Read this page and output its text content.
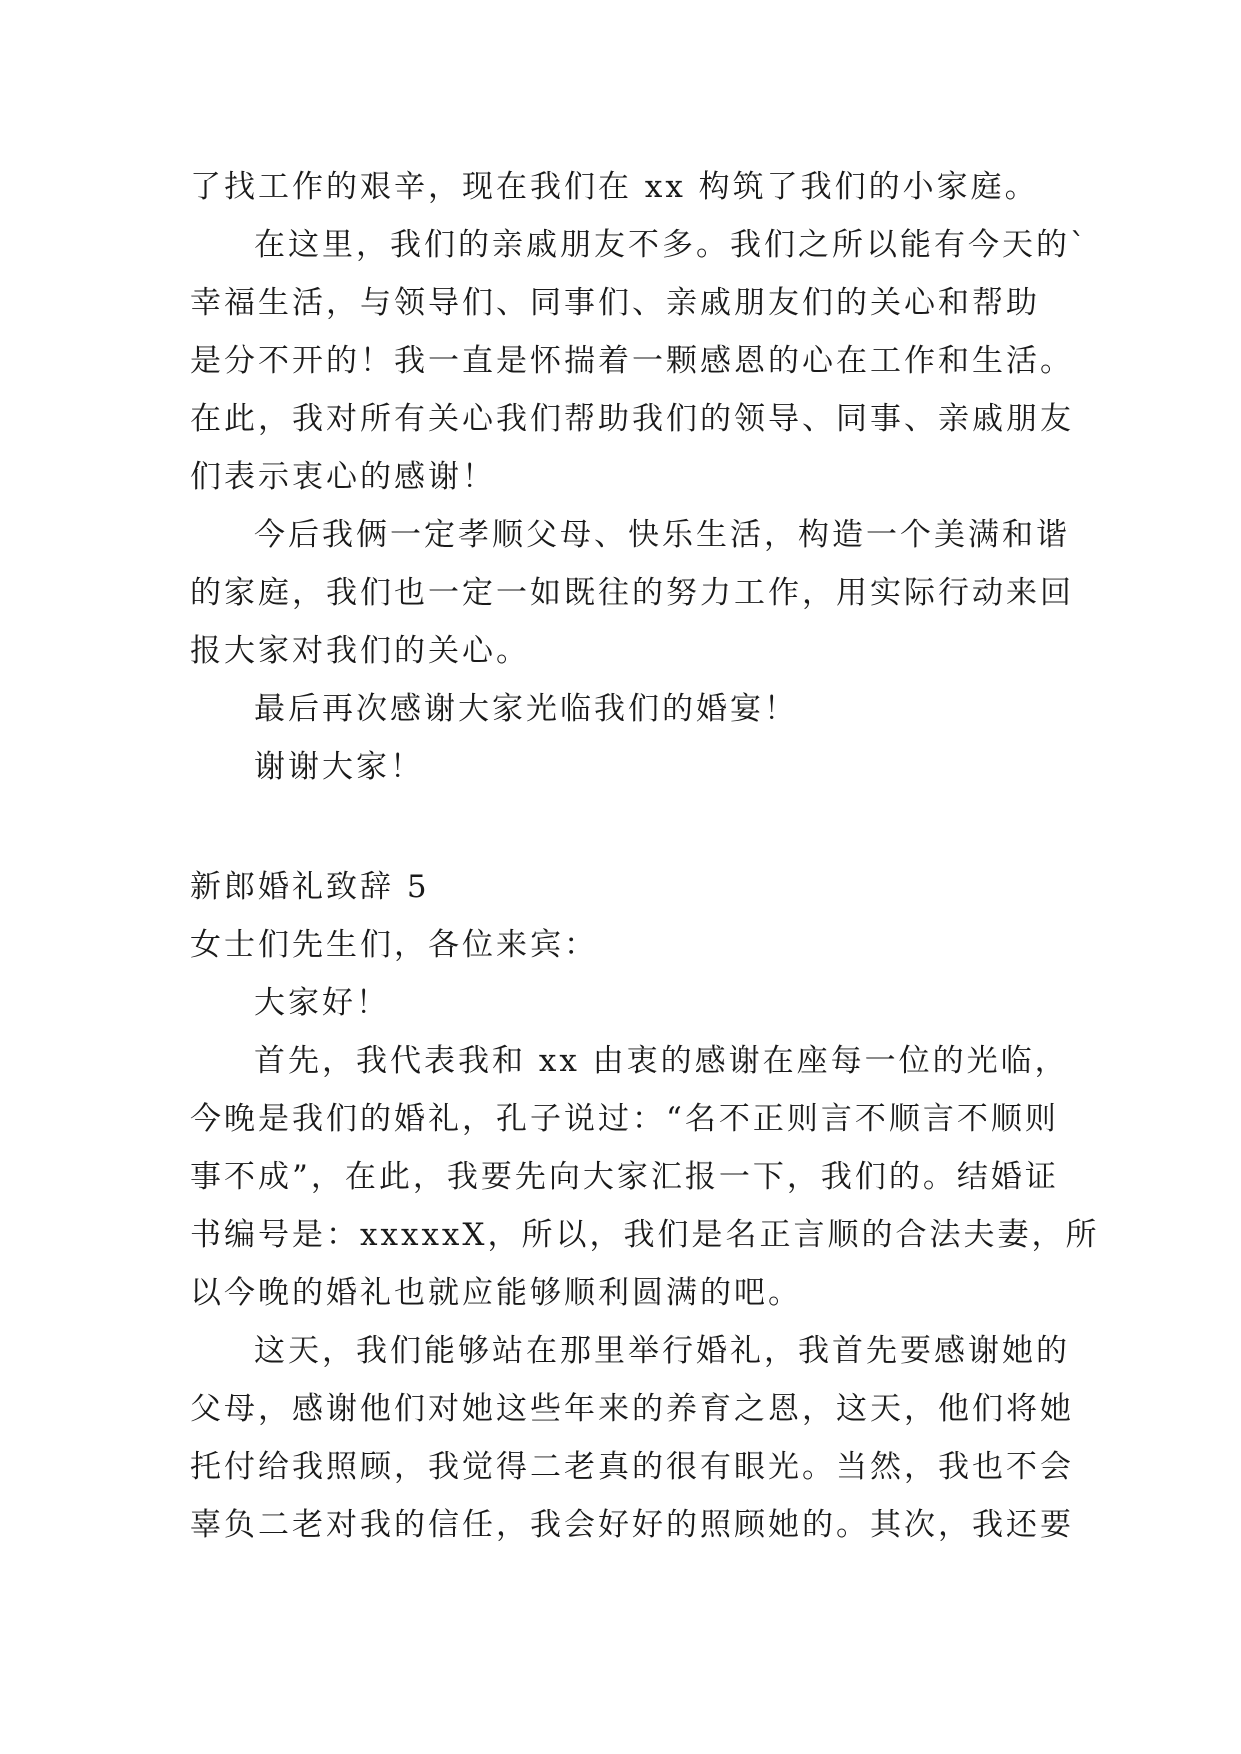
了找工作的艰辛，现在我们在 xx 构筑了我们的小家庭。
在这里，我们的亲戚朋友不多。我们之所以能有今天的`
幸福生活，与领导们、同事们、亲戚朋友们的关心和帮助
是分不开的！我一直是怀揣着一颗感恩的心在工作和生活。
在此，我对所有关心我们帮助我们的领导、同事、亲戚朋友
们表示衷心的感谢！
今后我俩一定孝顺父母、快乐生活，构造一个美满和谐
的家庭，我们也一定一如既往的努力工作，用实际行动来回
报大家对我们的关心。
最后再次感谢大家光临我们的婚宴！
谢谢大家！
新郎婚礼致辞 5
女士们先生们，各位来宾：
大家好！
首先，我代表我和 xx 由衷的感谢在座每一位的光临，
今晚是我们的婚礼，孔子说过：“名不正则言不顺言不顺则
事不成”，在此，我要先向大家汇报一下，我们的。结婚证
书编号是：xxxxxX，所以，我们是名正言顺的合法夫妻，所
以今晚的婚礼也就应能够顺利圆满的吧。
这天，我们能够站在那里举行婚礼，我首先要感谢她的
父母，感谢他们对她这些年来的养育之恩，这天，他们将她
托付给我照顾，我觉得二老真的很有眼光。当然，我也不会
辜负二老对我的信任，我会好好的照顾她的。其次，我还要
